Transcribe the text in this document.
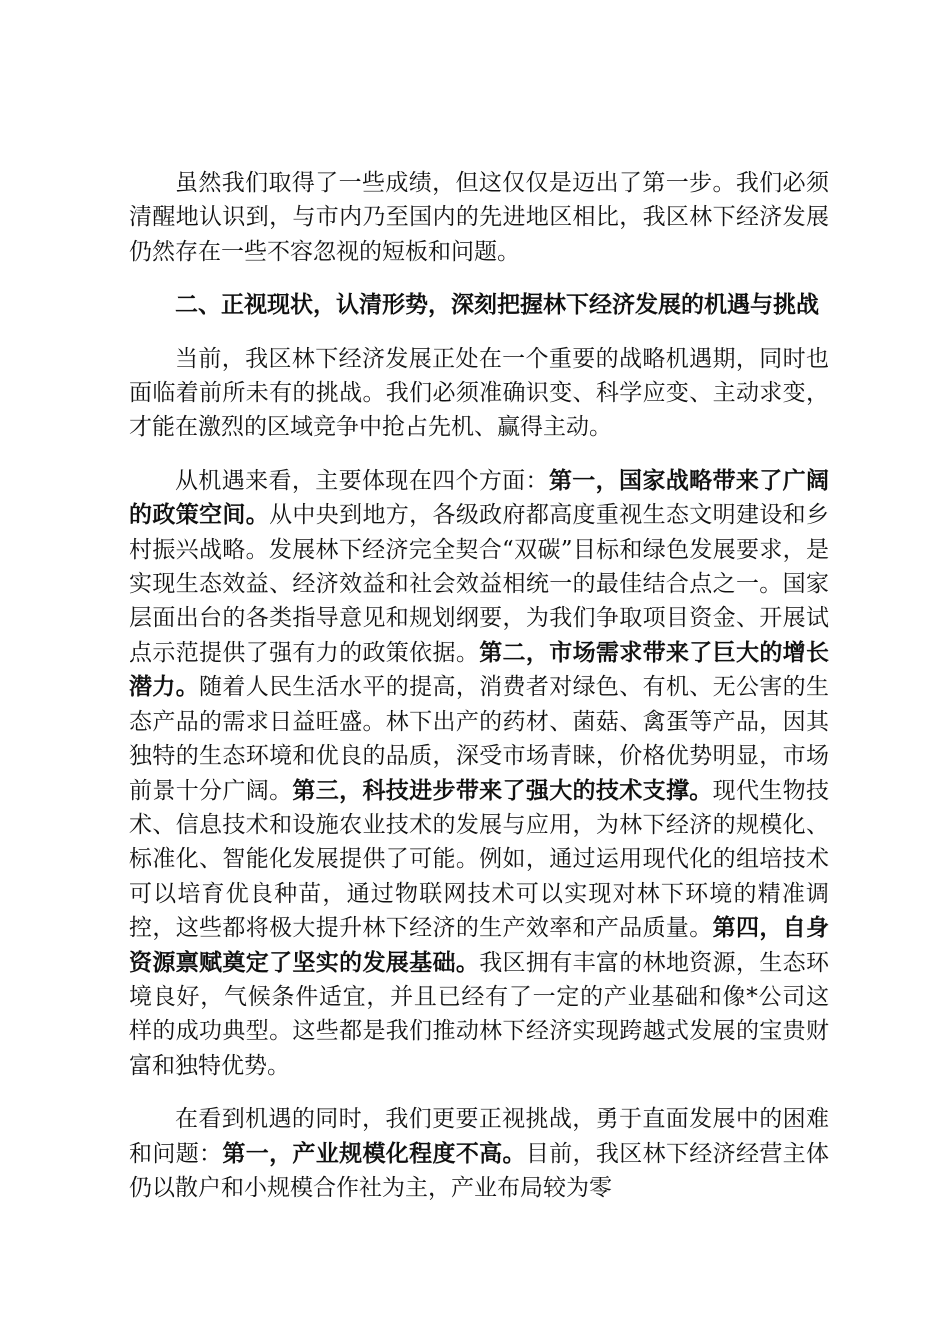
虽然我们取得了一些成绩，但这仅仅是迈出了第一步。我们必须清醒地认识到，与市内乃至国内的先进地区相比，我区林下经济发展仍然存在一些不容忽视的短板和问题。

二、正视现状，认清形势，深刻把握林下经济发展的机遇与挑战

当前，我区林下经济发展正处在一个重要的战略机遇期，同时也面临着前所未有的挑战。我们必须准确识变、科学应变、主动求变，才能在激烈的区域竞争中抢占先机、赢得主动。

从机遇来看，主要体现在四个方面：第一，国家战略带来了广阔的政策空间。从中央到地方，各级政府都高度重视生态文明建设和乡村振兴战略。发展林下经济完全契合“双碳”目标和绿色发展要求，是实现生态效益、经济效益和社会效益相统一的最佳结合点之一。国家层面出台的各类指导意见和规划纲要，为我们争取项目资金、开展试点示范提供了强有力的政策依据。第二，市场需求带来了巨大的增长潜力。随着人民生活水平的提高，消费者对绿色、有机、无公害的生态产品的需求日益旺盛。林下出产的药材、菌菇、禽蛋等产品，因其独特的生态环境和优良的品质，深受市场青睐，价格优势明显，市场前景十分广阔。第三，科技进步带来了强大的技术支撑。现代生物技术、信息技术和设施农业技术的发展与应用，为林下经济的规模化、标准化、智能化发展提供了可能。例如，通过运用现代化的组培技术可以培育优良种苗，通过物联网技术可以实现对林下环境的精准调控，这些都将极大提升林下经济的生产效率和产品质量。第四，自身资源禀赋奠定了坚实的发展基础。我区拥有丰富的林地资源，生态环境良好，气候条件适宜，并且已经有了一定的产业基础和像*公司这样的成功典型。这些都是我们推动林下经济实现跨越式发展的宝贵财富和独特优势。

在看到机遇的同时，我们更要正视挑战，勇于直面发展中的困难和问题：第一，产业规模化程度不高。目前，我区林下经济经营主体仍以散户和小规模合作社为主，产业布局较为零
